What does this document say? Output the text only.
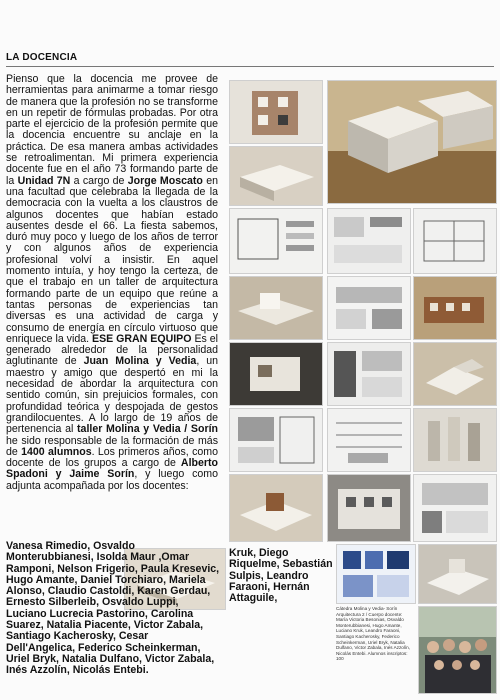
LA DOCENCIA

Pienso que la docencia me provee de herramientas para animarme a tomar riesgo de manera que la profesión no se transforme en un repetir de fórmulas probadas. Por otra parte el ejercicio de la profesión permite que la docencia encuentre su anclaje en la práctica. De esa manera ambas actividades se retroalimentan. Mi primera experiencia docente fue en el año 73 formando parte de la Unidad 7N a cargo de Jorge Moscato en una facultad que celebraba la llegada de la democracia con la vuelta a los claustros de algunos docentes que habían estado ausentes desde el 66. La fiesta sabemos, duró muy poco y luego de los años de terror y con algunos años de experiencia profesional volví a insistir. En aquel momento intuía, y hoy tengo la certeza, de que el trabajo en un taller de arquitectura formando parte de un equipo que reúne a tantas personas de experiencias tan diversas es una actividad de carga y consumo de energía en círculo virtuoso que enriquece la vida. ESE GRAN EQUIPO Es el generado alrededor de la personalidad aglutinante de Juan Molina y Vedia, un maestro y amigo que despertó en mi la necesidad de abordar la arquitectura con sentido común, sin prejuicios formales, con profundidad teórica y despojada de gestos grandilocuentes. A lo largo de 19 años de pertenencia al taller Molina y Vedia / Sorín he sido responsable de la formación de más de 1400 alumnos. Los primeros años, como docente de los grupos a cargo de Alberto Spadoni y Jaime Sorín, y luego como adjunta acompañada por los docentes:

Kruk, Diego Riquelme, Sebastián Sulpis, Leandro Faraoni, Hernán Attaguile,

Vanesa Rimedio, Osvaldo Monterubbianesi, Isolda Maur ,Omar Ramponi, Nelson Frigerio, Paula Kresevic, Hugo Amante, Daniel Torchiaro, Mariela Alonso, Claudio Castoldi, Karen Gerdau, Ernesto Silberleib, Osvaldo Luppi, Luciano Lucrecia Pastorino, Carolina Suarez, Natalia Piacente, Victor Zabala, Santiago Kacherosky, Cesar Dell'Angelica, Federico Scheinkerman, Uriel Bryk, Natalia Dulfano, Victor Zabala, Inés Azzolín, Nicolás Entebi.

Cátedra Molina y Vedia- Sorín Arquitectura 2 / Cuerpo docente: María Victoria Besonias, Osvaldo Monterubbianesi, Hugo Amante, Luciano Kruk, Leandro Faraoni, Santiago Kacherosky, Federico Scheinkerman, Uriel Bryk, Natalia Dulfano, Victor Zabala, Inés Azzolín, Nicolás Entebi. Alumnos inscriptos: 100
